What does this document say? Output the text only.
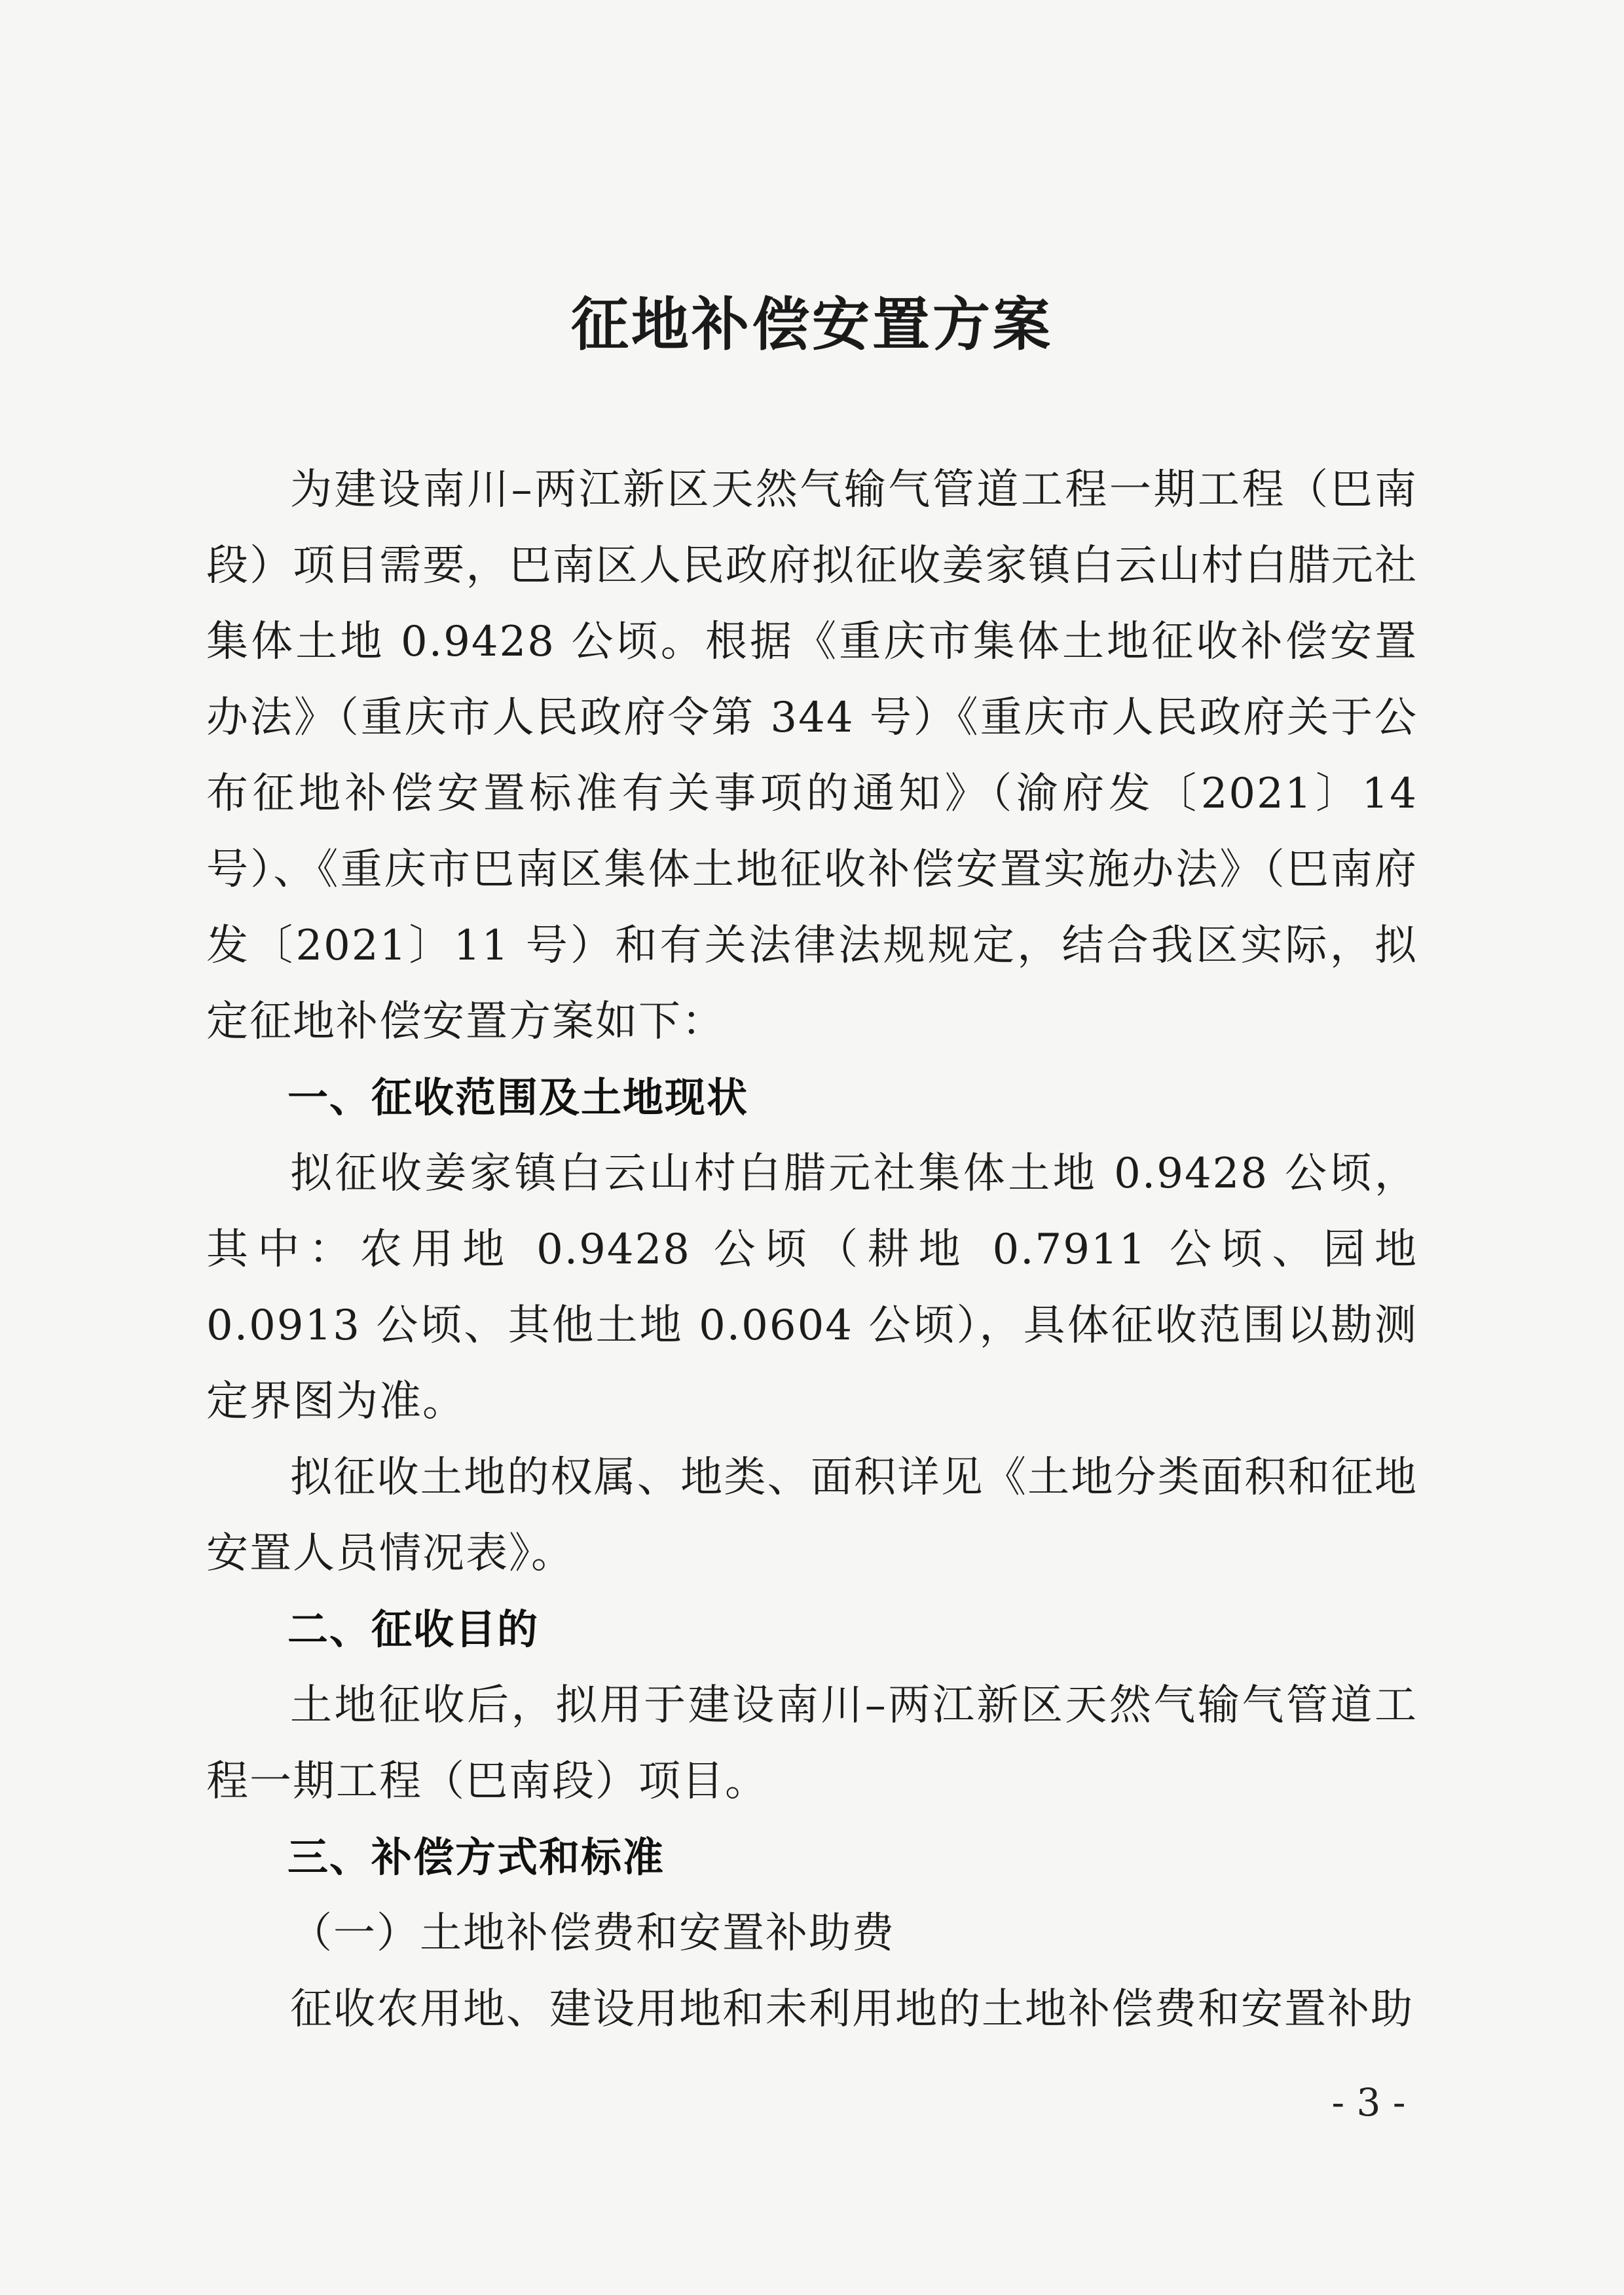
征地补偿安置方案

为建设南川–两江新区天然气输气管道工程一期工程（巴南段）项目需要，巴南区人民政府拟征收姜家镇白云山村白腊元社集体土地 0.9428 公顷。根据《重庆市集体土地征收补偿安置办法》（重庆市人民政府令第 344 号）《重庆市人民政府关于公布征地补偿安置标准有关事项的通知》（渝府发〔2021〕14 号）、《重庆市巴南区集体土地征收补偿安置实施办法》（巴南府发〔2021〕11 号）和有关法律法规规定，结合我区实际，拟定征地补偿安置方案如下：

一、征收范围及土地现状

拟征收姜家镇白云山村白腊元社集体土地 0.9428 公顷，其中：农用地 0.9428 公顷（耕地 0.7911 公顷、园地 0.0913 公顷、其他土地 0.0604 公顷），具体征收范围以勘测定界图为准。

拟征收土地的权属、地类、面积详见《土地分类面积和征地安置人员情况表》。

二、征收目的

土地征收后，拟用于建设南川–两江新区天然气输气管道工程一期工程（巴南段）项目。

三、补偿方式和标准
（一）土地补偿费和安置补助费

征收农用地、建设用地和未利用地的土地补偿费和安置补助

- 3 -
